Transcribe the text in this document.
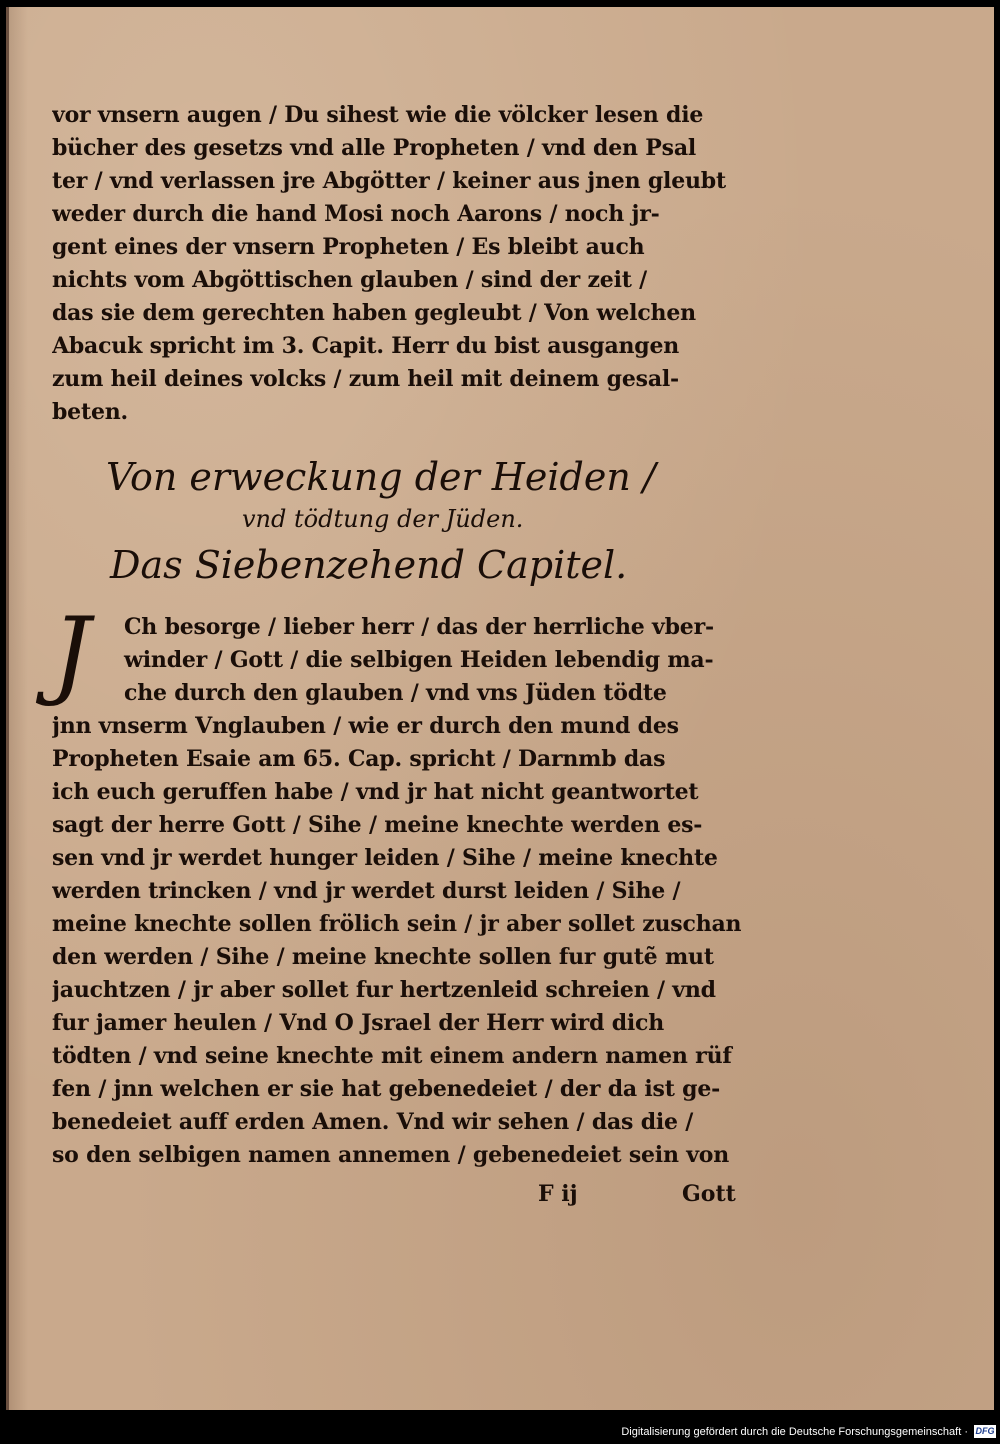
vor vnsern augen / Du sihest wie die völcker lesen die
bücher des gesetzs vnd alle Propheten / vnd den Psal
ter / vnd verlassen jre Abgötter / keiner aus jnen gleubt
weder durch die hand Mosi noch Aarons / noch jr-
gent eines der vnsern Propheten / Es bleibt auch
nichts vom Abgöttischen glauben / sind der zeit /
das sie dem gerechten haben gegleubt / Von welchen
Abacuk spricht im 3. Capit. Herr du bist ausgangen
zum heil deines volcks / zum heil mit deinem gesal-
beten.
Von erweckung der Heiden /
vnd tödtung der Jüden.
Das Siebenzehend Capitel.
J	Ch besorge / lieber herr / das der herrliche vber-
winder / Gott / die selbigen Heiden lebendig ma-
che durch den glauben / vnd vns Jüden tödte
jnn vnserm Vnglauben / wie er durch den mund des
Propheten Esaie am 65. Cap. spricht / Darnmb das
ich euch geruffen habe / vnd jr hat nicht geantwortet
sagt der herre Gott / Sihe / meine knechte werden es-
sen vnd jr werdet hunger leiden / Sihe / meine knechte
werden trincken / vnd jr werdet durst leiden / Sihe /
meine knechte sollen frölich sein / jr aber sollet zuschan
den werden / Sihe / meine knechte sollen fur gutẽ mut
jauchtzen / jr aber sollet fur hertzenleid schreien / vnd
fur jamer heulen / Vnd O Jsrael der Herr wird dich
tödten / vnd seine knechte mit einem andern namen rüf
fen / jnn welchen er sie hat gebenedeiet / der da ist ge-
benedeiet auff erden Amen. Vnd wir sehen / das die /
so den selbigen namen annemen / gebenedeiet sein von
F ij	Gott
Digitalisierung gefördert durch die Deutsche Forschungsgemeinschaft · DFG
